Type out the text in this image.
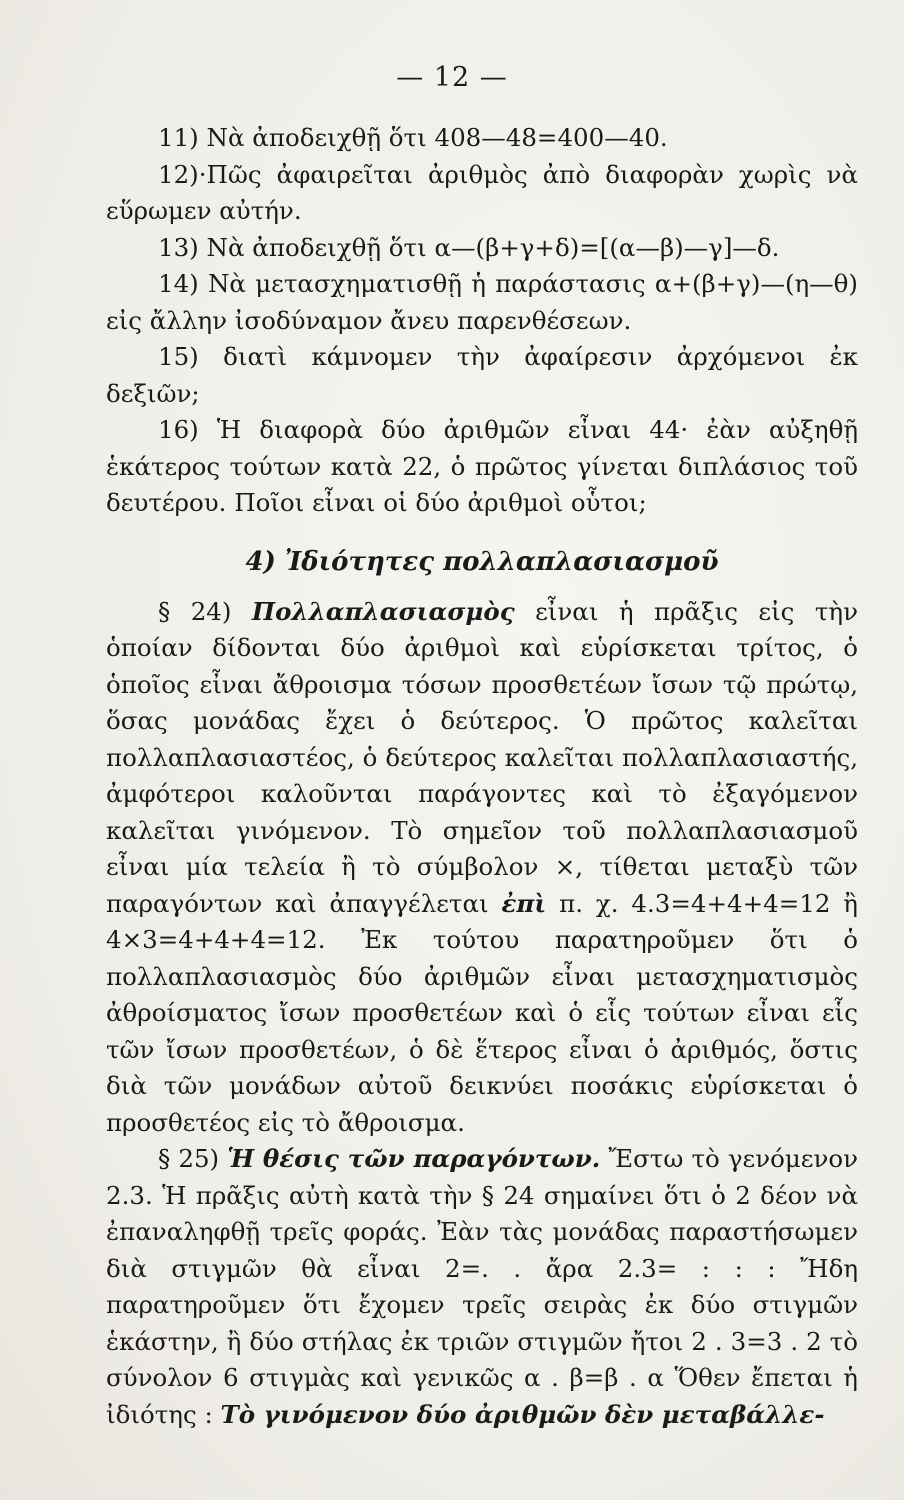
— 12 —

11) Νὰ ἀποδειχθῇ ὅτι 408—48=400—40.

12)·Πῶς ἀφαιρεῖται ἀριθμὸς ἀπὸ διαφορὰν χωρὶς νὰ εὕρωμεν αὐτήν.

13) Νὰ ἀποδειχθῇ ὅτι α—(β+γ+δ)=[(α—β)—γ]—δ.

14) Νὰ μετασχηματισθῇ ἡ παράστασις α+(β+γ)—(η—θ) εἰς ἄλλην ἰσοδύναμον ἄνευ παρενθέσεων.

15) διατὶ κάμνομεν τὴν ἀφαίρεσιν ἀρχόμενοι ἐκ δεξιῶν;

16) Ἡ διαφορὰ δύο ἀριθμῶν εἶναι 44· ἐὰν αὐξηθῇ ἑκάτερος τούτων κατὰ 22, ὁ πρῶτος γίνεται διπλάσιος τοῦ δευτέρου. Ποῖοι εἶναι οἱ δύο ἀριθμοὶ οὗτοι;

4) Ἰδιότητες πολλαπλασιασμοῦ

§ 24) Πολλαπλασιασμὸς εἶναι ἡ πρᾶξις εἰς τὴν ὁποίαν δίδονται δύο ἀριθμοὶ καὶ εὑρίσκεται τρίτος, ὁ ὁποῖος εἶναι ἄθροισμα τόσων προσθετέων ἴσων τῷ πρώτῳ, ὅσας μονάδας ἔχει ὁ δεύτερος. Ὁ πρῶτος καλεῖται πολλαπλασιαστέος, ὁ δεύτερος καλεῖται πολλαπλασιαστής, ἀμφότεροι καλοῦνται παράγοντες καὶ τὸ ἐξαγόμενον καλεῖται γινόμενον. Τὸ σημεῖον τοῦ πολλαπλασιασμοῦ εἶναι μία τελεία ἢ τὸ σύμβολον ×, τίθεται μεταξὺ τῶν παραγόντων καὶ ἀπαγγέλεται ἐπὶ π. χ. 4.3=4+4+4=12 ἢ 4×3=4+4+4=12. Ἐκ τούτου παρατηροῦμεν ὅτι ὁ πολλαπλασιασμὸς δύο ἀριθμῶν εἶναι μετασχηματισμὸς ἀθροίσματος ἴσων προσθετέων καὶ ὁ εἷς τούτων εἶναι εἷς τῶν ἴσων προσθετέων, ὁ δὲ ἕτερος εἶναι ὁ ἀριθμός, ὅστις διὰ τῶν μονάδων αὐτοῦ δεικνύει ποσάκις εὑρίσκεται ὁ προσθετέος εἰς τὸ ἄθροισμα.

§ 25) Ἡ θέσις τῶν παραγόντων. Ἔστω τὸ γενόμενον 2.3. Ἡ πρᾶξις αὐτὴ κατὰ τὴν § 24 σημαίνει ὅτι ὁ 2 δέον νὰ ἐπαναληφθῇ τρεῖς φοράς. Ἐὰν τὰς μονάδας παραστήσωμεν διὰ στιγμῶν θὰ εἶναι 2=. . ἄρα 2.3= : : : Ἤδη παρατηροῦμεν ὅτι ἔχομεν τρεῖς σειρὰς ἐκ δύο στιγμῶν ἑκάστην, ἢ δύο στήλας ἐκ τριῶν στιγμῶν ἤτοι 2 . 3=3 . 2 τὸ σύνολον 6 στιγμὰς καὶ γενικῶς α . β=β . α Ὅθεν ἔπεται ἡ ἰδιότης : Τὸ γινόμενον δύο ἀριθμῶν δὲν μεταβάλλε-
